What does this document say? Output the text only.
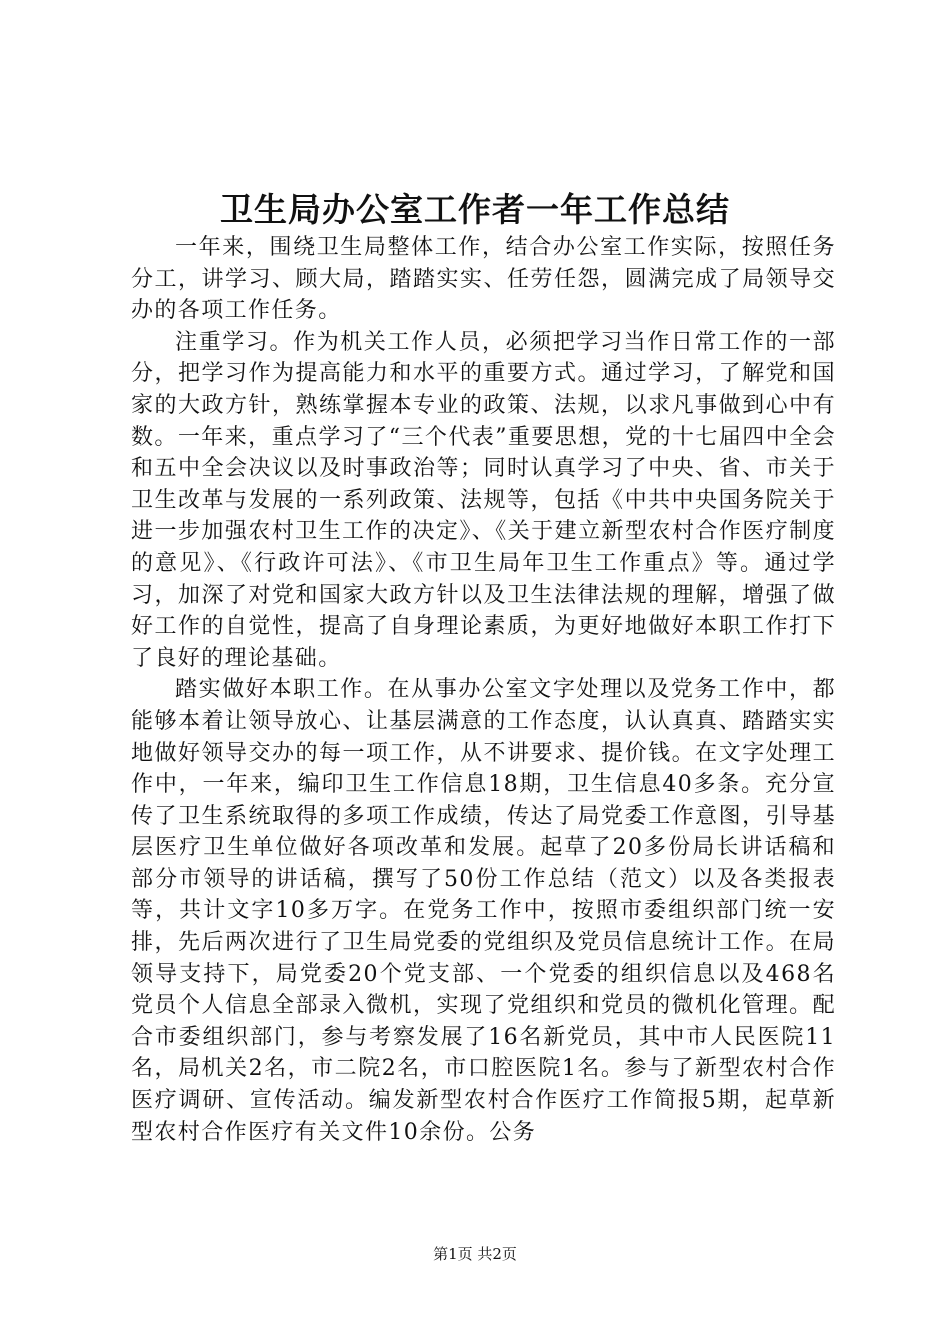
卫生局办公室工作者一年工作总结

一年来，围绕卫生局整体工作，结合办公室工作实际，按照任务分工，讲学习、顾大局，踏踏实实、任劳任怨，圆满完成了局领导交办的各项工作任务。

注重学习。作为机关工作人员，必须把学习当作日常工作的一部分，把学习作为提高能力和水平的重要方式。通过学习，了解党和国家的大政方针，熟练掌握本专业的政策、法规，以求凡事做到心中有数。一年来，重点学习了“三个代表”重要思想，党的十七届四中全会和五中全会决议以及时事政治等；同时认真学习了中央、省、市关于卫生改革与发展的一系列政策、法规等，包括《中共中央国务院关于进一步加强农村卫生工作的决定》、《关于建立新型农村合作医疗制度的意见》、《行政许可法》、《市卫生局年卫生工作重点》等。通过学习，加深了对党和国家大政方针以及卫生法律法规的理解，增强了做好工作的自觉性，提高了自身理论素质，为更好地做好本职工作打下了良好的理论基础。

踏实做好本职工作。在从事办公室文字处理以及党务工作中，都能够本着让领导放心、让基层满意的工作态度，认认真真、踏踏实实地做好领导交办的每一项工作，从不讲要求、提价钱。在文字处理工作中，一年来，编印卫生工作信息18期，卫生信息40多条。充分宣传了卫生系统取得的多项工作成绩，传达了局党委工作意图，引导基层医疗卫生单位做好各项改革和发展。起草了20多份局长讲话稿和部分市领导的讲话稿，撰写了50份工作总结（范文）以及各类报表等，共计文字10多万字。在党务工作中，按照市委组织部门统一安排，先后两次进行了卫生局党委的党组织及党员信息统计工作。在局领导支持下，局党委20个党支部、一个党委的组织信息以及468名党员个人信息全部录入微机，实现了党组织和党员的微机化管理。配合市委组织部门，参与考察发展了16名新党员，其中市人民医院11名，局机关2名，市二院2名，市口腔医院1名。参与了新型农村合作医疗调研、宣传活动。编发新型农村合作医疗工作简报5期，起草新型农村合作医疗有关文件10余份。公务

第1页 共2页
